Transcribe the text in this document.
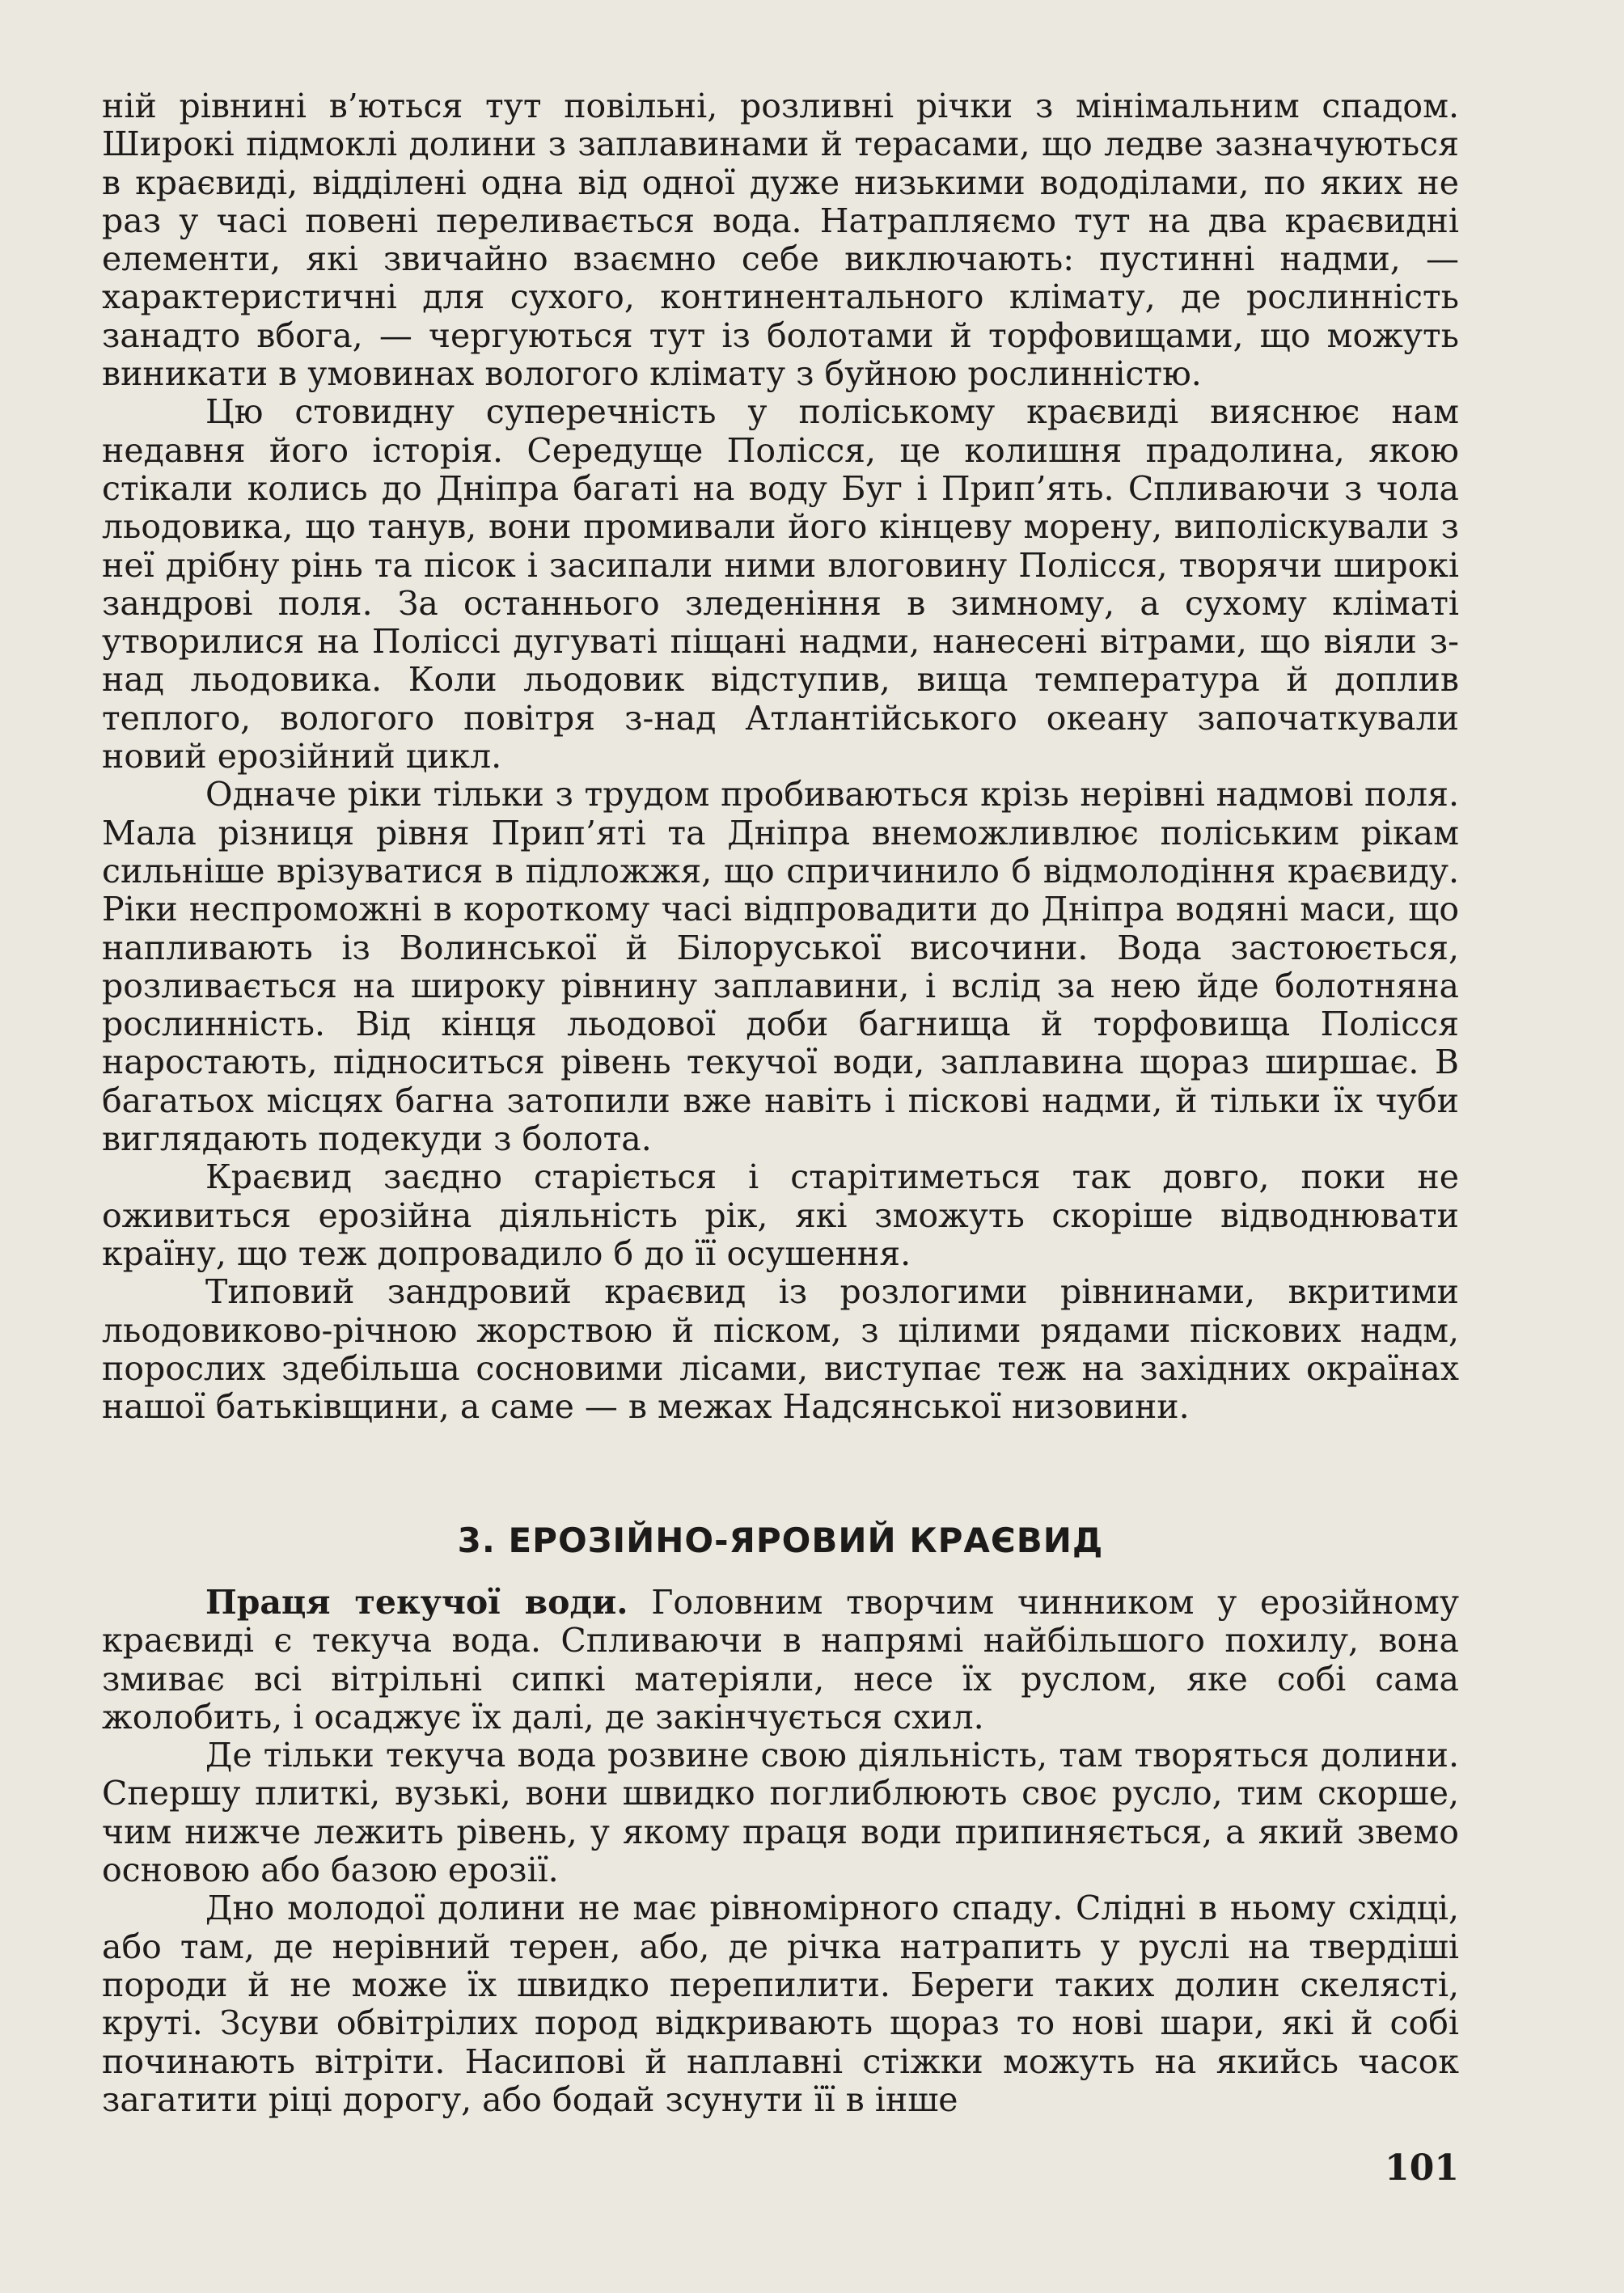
ній рівнині в’ються тут повільні, розливні річки з мінімальним спадом. Широкі підмоклі долини з заплавинами й терасами, що ледве зазначуються в краєвиді, відділені одна від одної дуже низькими вододілами, по яких не раз у часі повені переливається вода. Натрапляємо тут на два краєвидні елементи, які звичайно взаємно себе виключають: пустинні надми, — характеристичні для сухого, континентального клімату, де рослинність занадто вбога, — чергуються тут із болотами й торфовищами, що можуть виникати в умовинах вологого клімату з буйною рослинністю.

Цю стовидну суперечність у поліському краєвиді вияснює нам недавня його історія. Середуще Полісся, це колишня прадолина, якою стікали колись до Дніпра багаті на воду Буг і Прип’ять. Спливаючи з чола льодовика, що танув, вони промивали його кінцеву морену, виполіскували з неї дрібну рінь та пісок і засипали ними влоговину Полісся, творячи широкі зандрові поля. За останнього зледеніння в зимному, а сухому кліматі утворилися на Поліссі дугуваті піщані надми, нанесені вітрами, що віяли з-над льодовика. Коли льодовик відступив, вища температура й доплив теплого, вологого повітря з-над Атлантійського океану започаткували новий ерозійний цикл.

Одначе ріки тільки з трудом пробиваються крізь нерівні надмові поля. Мала різниця рівня Прип’яті та Дніпра внеможливлює поліським рікам сильніше врізуватися в підложжя, що спричинило б відмолодіння краєвиду. Ріки неспроможні в короткому часі відпровадити до Дніпра водяні маси, що напливають із Волинської й Білоруської височини. Вода застоюється, розливається на широку рівнину заплавини, і вслід за нею йде болотняна рослинність. Від кінця льодової доби багнища й торфовища Полісся наростають, підноситься рівень текучої води, заплавина щораз ширшає. В багатьох місцях багна затопили вже навіть і піскові надми, й тільки їх чуби виглядають подекуди з болота.

Краєвид заєдно старіється і старітиметься так довго, поки не оживиться ерозійна діяльність рік, які зможуть скоріше відводнювати країну, що теж допровадило б до її осушення.

Типовий зандровий краєвид із розлогими рівнинами, вкритими льодовиково-річною жорствою й піском, з цілими рядами піскових надм, порослих здебільша сосновими лісами, виступає теж на західних окраїнах нашої батьківщини, а саме — в межах Надсянської низовини.

3. ЕРОЗІЙНО-ЯРОВИЙ КРАЄВИД

Праця текучої води. Головним творчим чинником у ерозійному краєвиді є текуча вода. Спливаючи в напрямі найбільшого похилу, вона змиває всі вітрільні сипкі матеріяли, несе їх руслом, яке собі сама жолобить, і осаджує їх далі, де закінчується схил.

Де тільки текуча вода розвине свою діяльність, там творяться долини. Спершу плиткі, вузькі, вони швидко поглиблюють своє русло, тим скорше, чим нижче лежить рівень, у якому праця води припиняється, а який звемо основою або базою ерозії.

Дно молодої долини не має рівномірного спаду. Слідні в ньому східці, або там, де нерівний терен, або, де річка натрапить у руслі на твердіші породи й не може їх швидко перепилити. Береги таких долин скелясті, круті. Зсуви обвітрілих пород відкривають щораз то нові шари, які й собі починають вітріти. Насипові й наплавні стіжки можуть на якийсь часок загатити ріці дорогу, або бодай зсунути її в інше

101
